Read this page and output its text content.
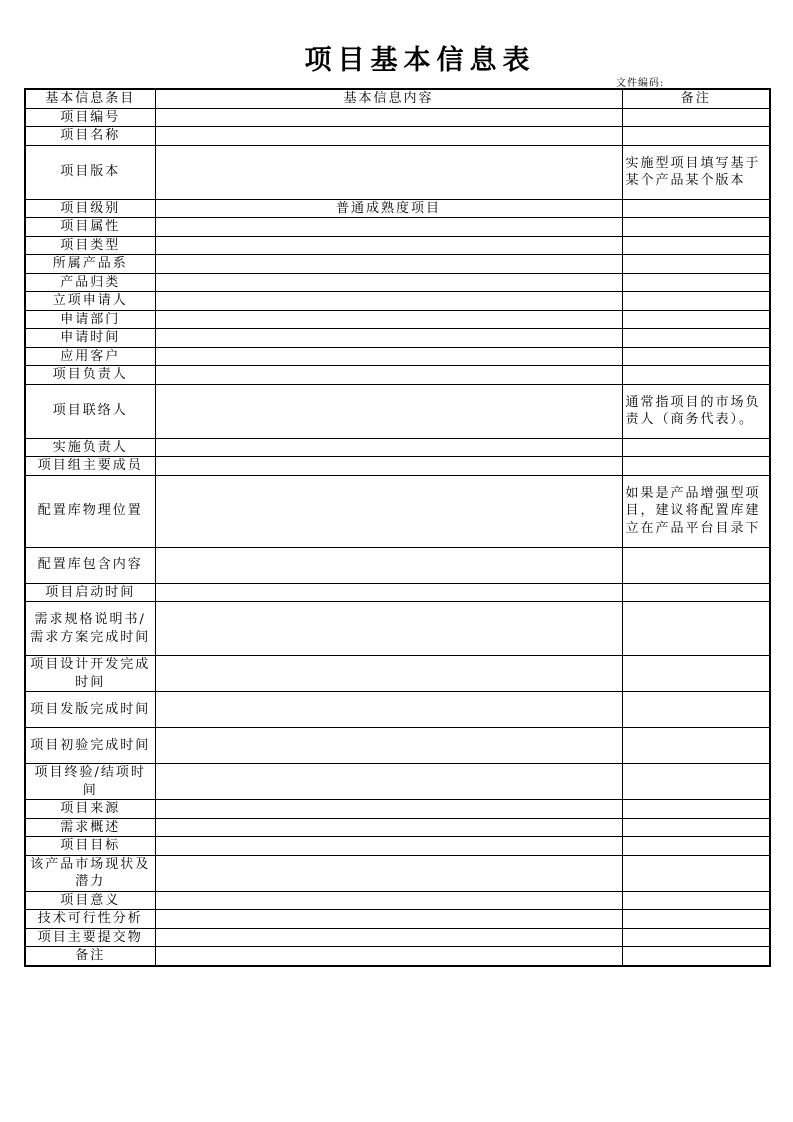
项目基本信息表
文件编码:
基本信息条目	基本信息内容	备注
项目编号		
项目名称		
项目版本		实施型项目填写基于某个产品某个版本
项目级别	普通成熟度项目	
项目属性		
项目类型		
所属产品系		
产品归类		
立项申请人		
申请部门		
申请时间		
应用客户		
项目负责人		
项目联络人		通常指项目的市场负责人（商务代表）。
实施负责人		
项目组主要成员		
配置库物理位置		如果是产品增强型项目，建议将配置库建立在产品平台目录下
配置库包含内容		
项目启动时间		
需求规格说明书/需求方案完成时间		
项目设计开发完成时间		
项目发版完成时间		
项目初验完成时间		
项目终验/结项时间		
项目来源		
需求概述		
项目目标		
该产品市场现状及潜力		
项目意义		
技术可行性分析		
项目主要提交物		
备注		
